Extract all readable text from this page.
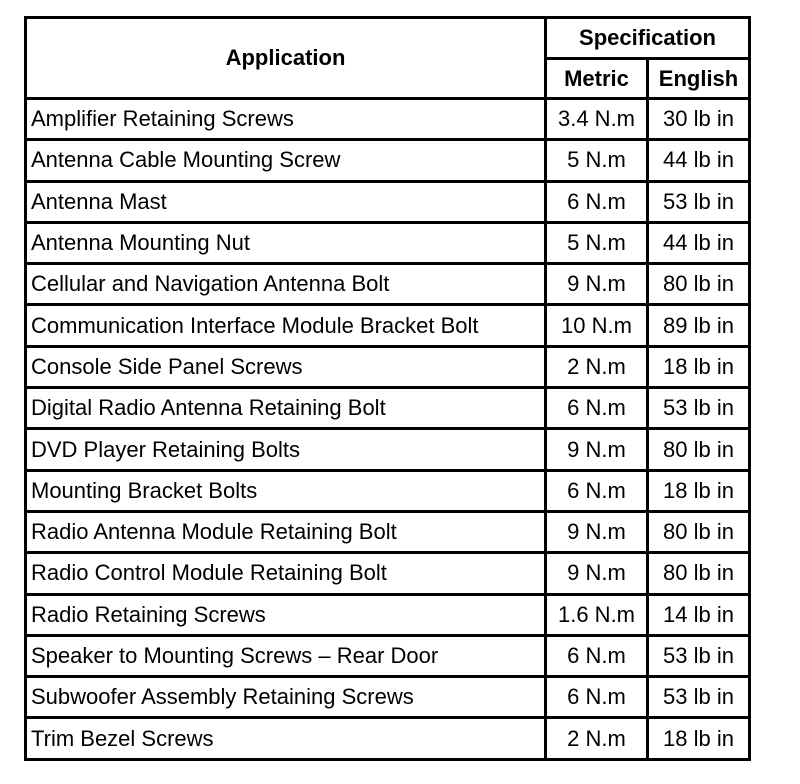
Application	Specification	
	Metric	English
Amplifier Retaining Screws	3.4 N.m	30 lb in
Antenna Cable Mounting Screw	5 N.m	44 lb in
Antenna Mast	6 N.m	53 lb in
Antenna Mounting Nut	5 N.m	44 lb in
Cellular and Navigation Antenna Bolt	9 N.m	80 lb in
Communication Interface Module Bracket Bolt	10 N.m	89 lb in
Console Side Panel Screws	2 N.m	18 lb in
Digital Radio Antenna Retaining Bolt	6 N.m	53 lb in
DVD Player Retaining Bolts	9 N.m	80 lb in
Mounting Bracket Bolts	6 N.m	18 lb in
Radio Antenna Module Retaining Bolt	9 N.m	80 lb in
Radio Control Module Retaining Bolt	9 N.m	80 lb in
Radio Retaining Screws	1.6 N.m	14 lb in
Speaker to Mounting Screws – Rear Door	6 N.m	53 lb in
Subwoofer Assembly Retaining Screws	6 N.m	53 lb in
Trim Bezel Screws	2 N.m	18 lb in
